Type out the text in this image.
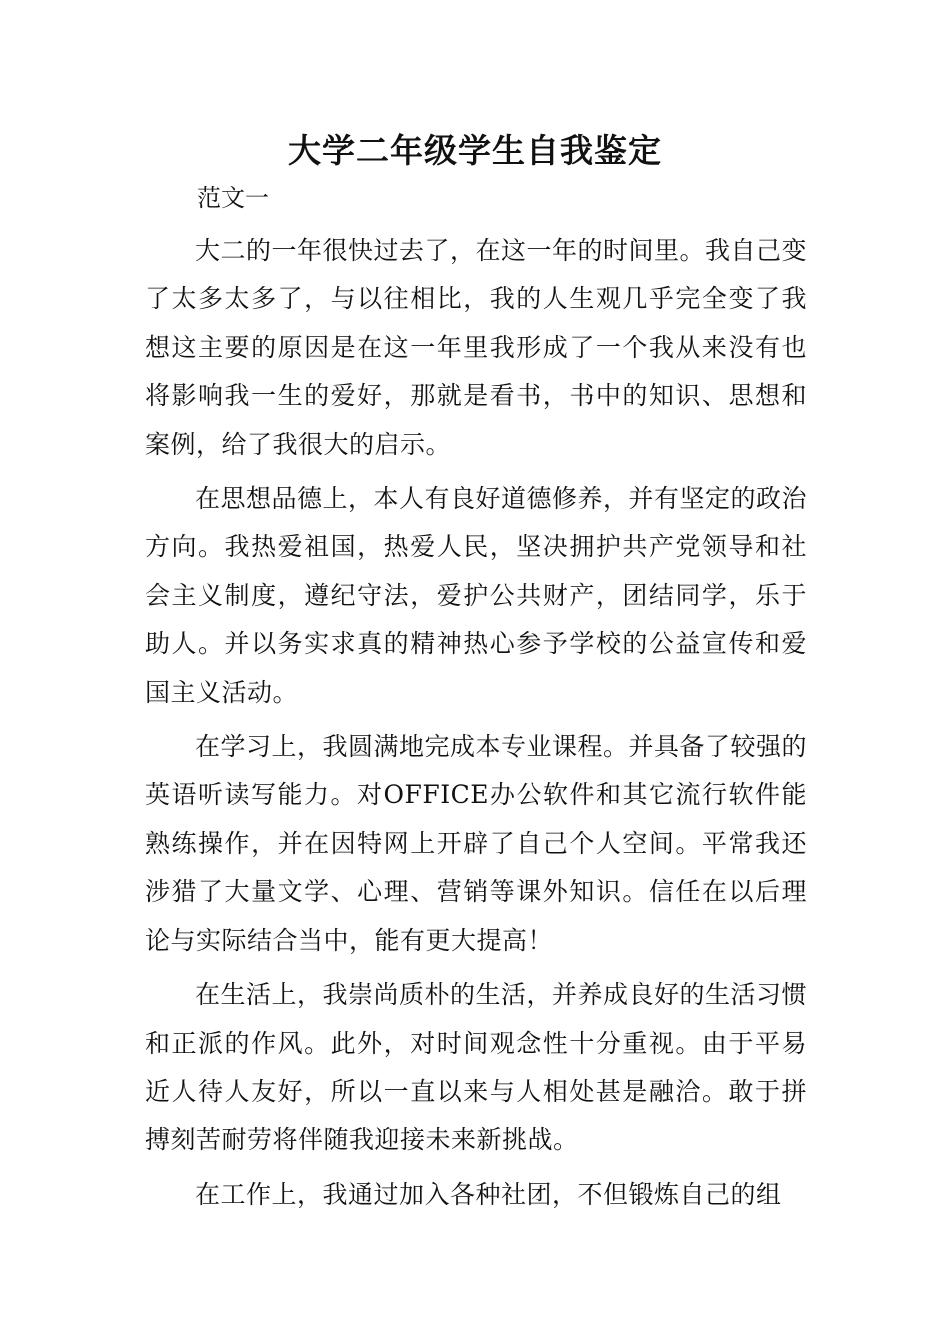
大学二年级学生自我鉴定
范文一

大二的一年很快过去了，在这一年的时间里。我自己变了太多太多了，与以往相比，我的人生观几乎完全变了我想这主要的原因是在这一年里我形成了一个我从来没有也将影响我一生的爱好，那就是看书，书中的知识、思想和案例，给了我很大的启示。

在思想品德上，本人有良好道德修养，并有坚定的政治方向。我热爱祖国，热爱人民，坚决拥护共产党领导和社会主义制度，遵纪守法，爱护公共财产，团结同学，乐于助人。并以务实求真的精神热心参予学校的公益宣传和爱国主义活动。

在学习上，我圆满地完成本专业课程。并具备了较强的英语听读写能力。对OFFICE办公软件和其它流行软件能熟练操作，并在因特网上开辟了自己个人空间。平常我还涉猎了大量文学、心理、营销等课外知识。信任在以后理论与实际结合当中，能有更大提高！

在生活上，我崇尚质朴的生活，并养成良好的生活习惯和正派的作风。此外，对时间观念性十分重视。由于平易近人待人友好，所以一直以来与人相处甚是融洽。敢于拼搏刻苦耐劳将伴随我迎接未来新挑战。

在工作上，我通过加入各种社团，不但锻炼自己的组
